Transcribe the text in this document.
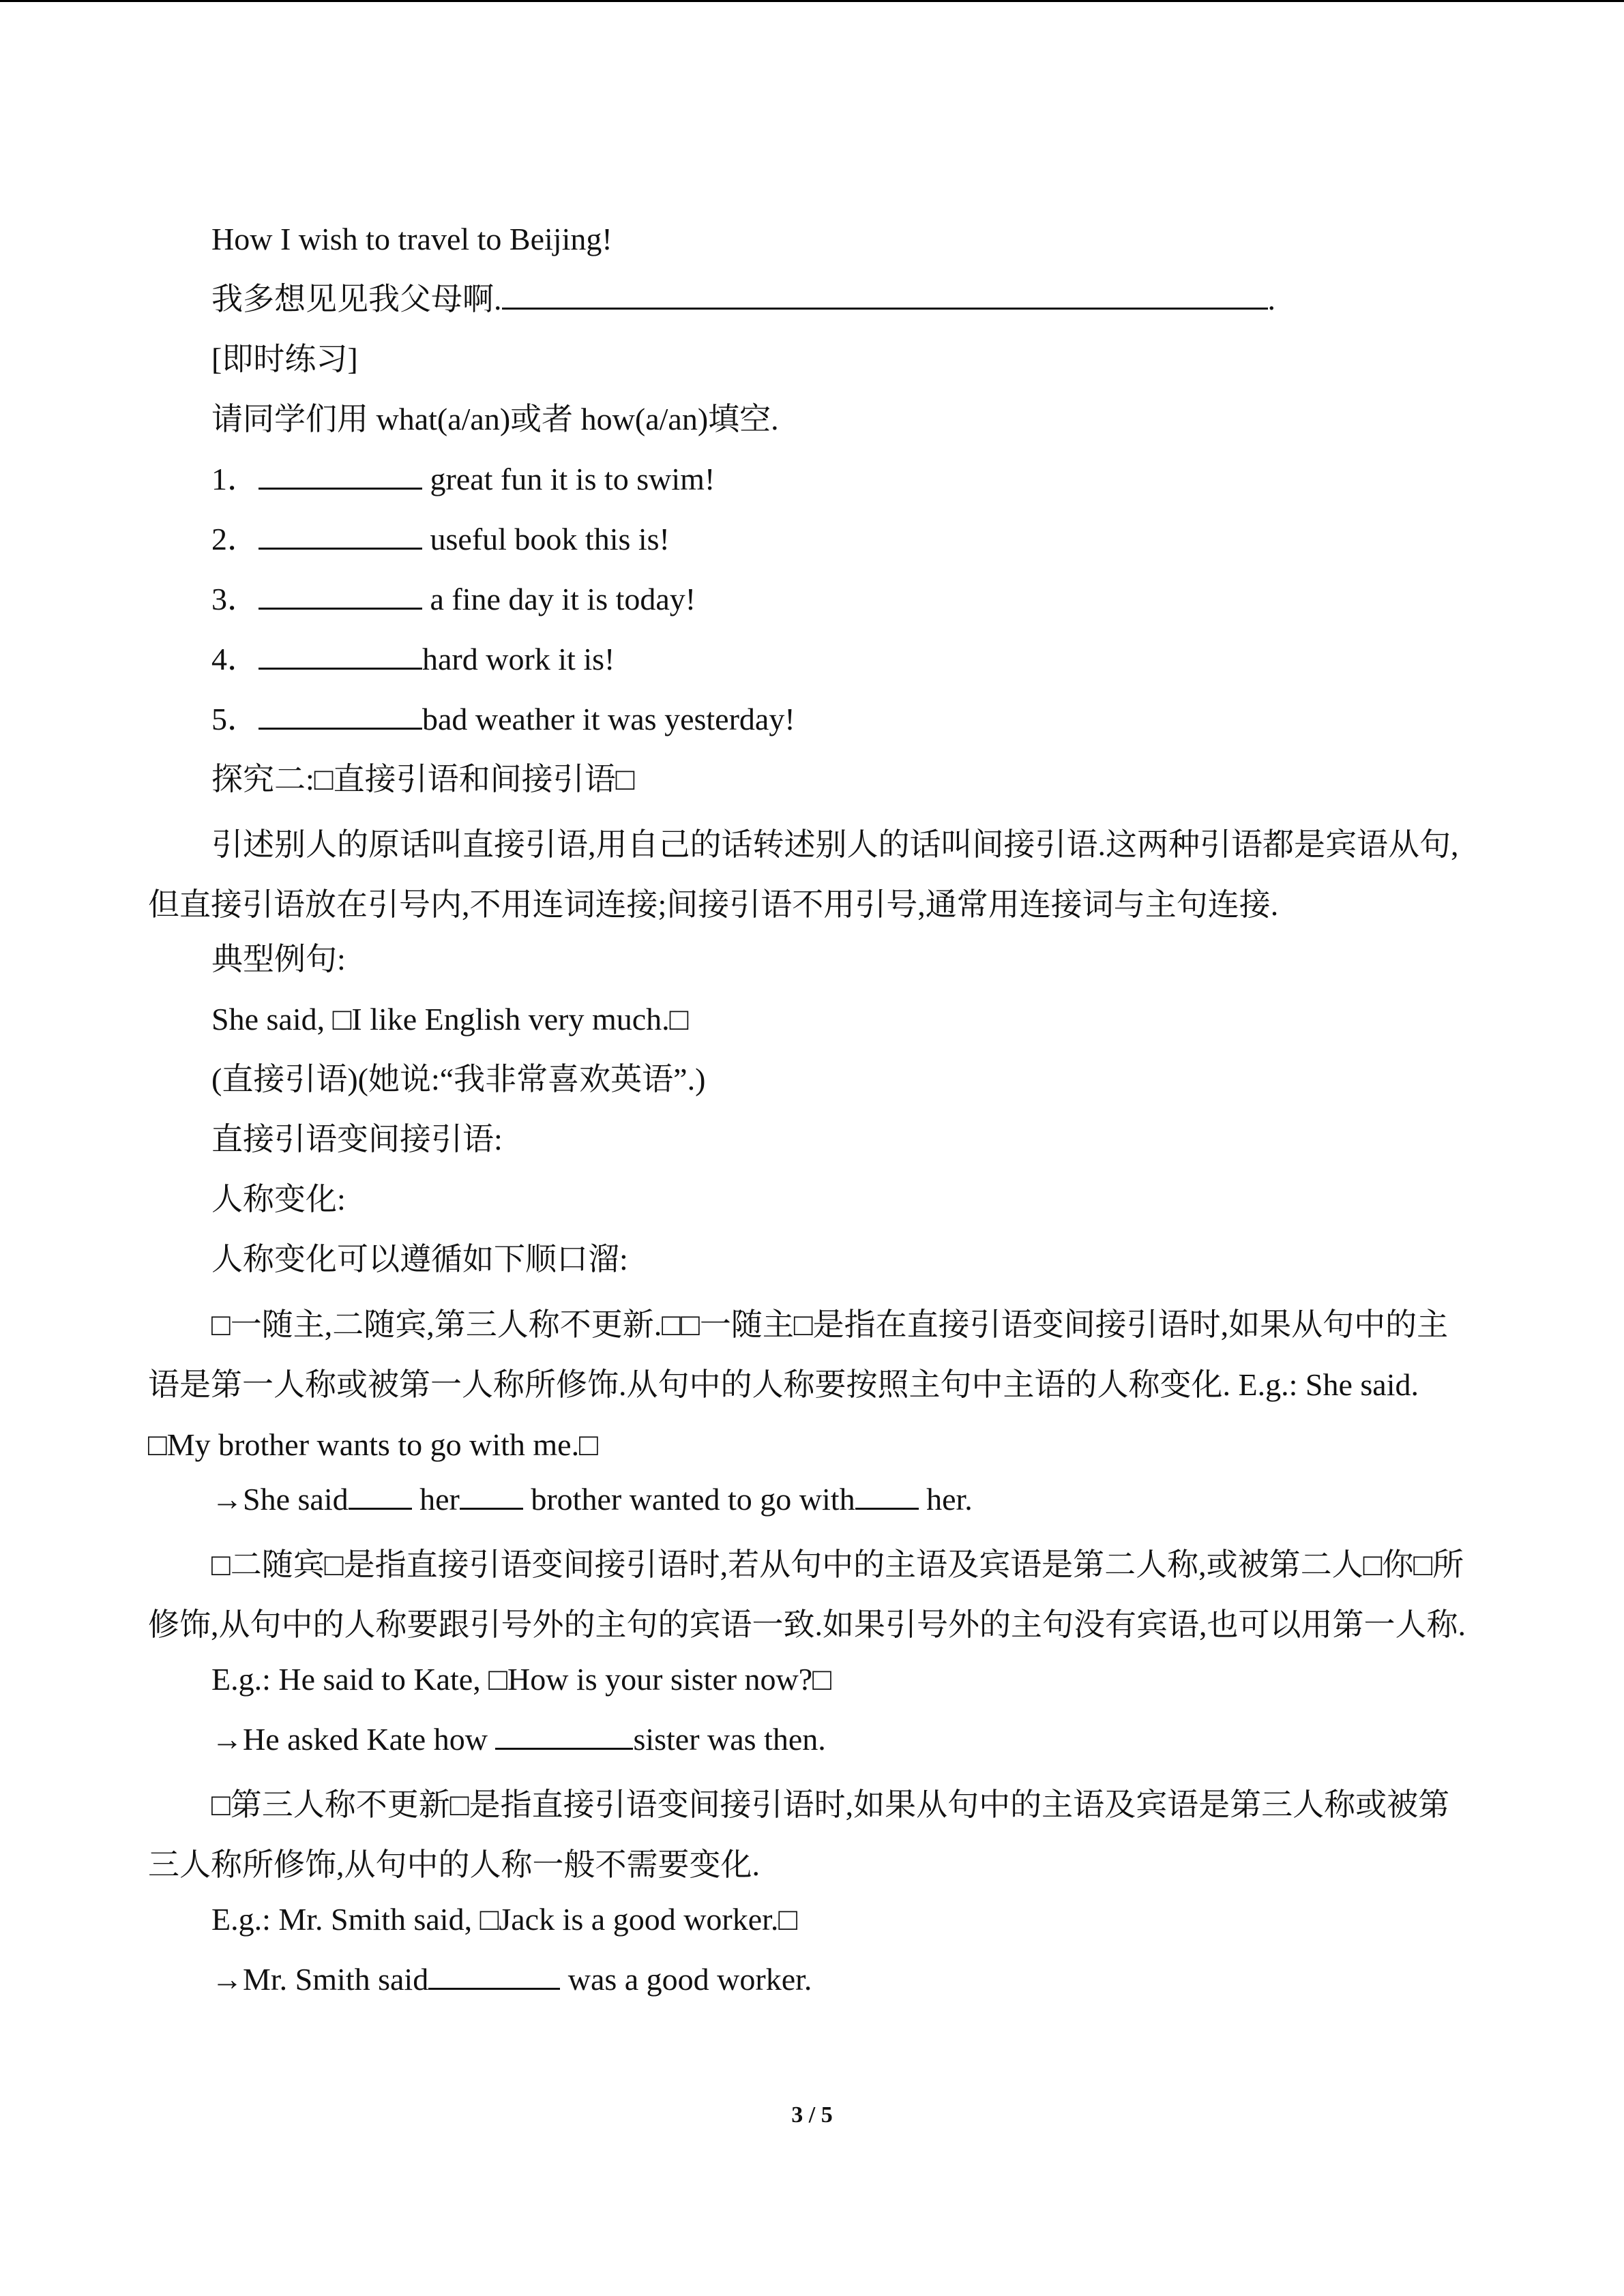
How I wish to travel to Beijing!
我多想见见我父母啊.	.
[即时练习]
请同学们用 what(a/an)或者 how(a/an)填空.
1．	great fun it is to swim!
2．	useful book this is!
3．	a fine day it is today!
4．	hard work it is!
5．	bad weather it was yesterday!
探究二:□直接引语和间接引语□
引述别人的原话叫直接引语,用自己的话转述别人的话叫间接引语.这两种引语都是宾语从句,但直接引语放在引号内,不用连词连接;间接引语不用引号,通常用连接词与主句连接.
典型例句:
She said, □I like English very much.□
(直接引语)(她说:“我非常喜欢英语”.)
直接引语变间接引语:
人称变化:
人称变化可以遵循如下顺口溜:
□一随主,二随宾,第三人称不更新.□□一随主□是指在直接引语变间接引语时,如果从句中的主语是第一人称或被第一人称所修饰.从句中的人称要按照主句中主语的人称变化. E.g.: She said. □My brother wants to go with me.□
→She said her brother wanted to go with her.
□二随宾□是指直接引语变间接引语时,若从句中的主语及宾语是第二人称,或被第二人□你□所修饰,从句中的人称要跟引号外的主句的宾语一致.如果引号外的主句没有宾语,也可以用第一人称.
E.g.: He said to Kate, □How is your sister now?□
→He asked Kate how	sister was then.
□第三人称不更新□是指直接引语变间接引语时,如果从句中的主语及宾语是第三人称或被第三人称所修饰,从句中的人称一般不需要变化.
E.g.: Mr. Smith said, □Jack is a good worker.□
→Mr. Smith said	was a good worker.
3 / 5
